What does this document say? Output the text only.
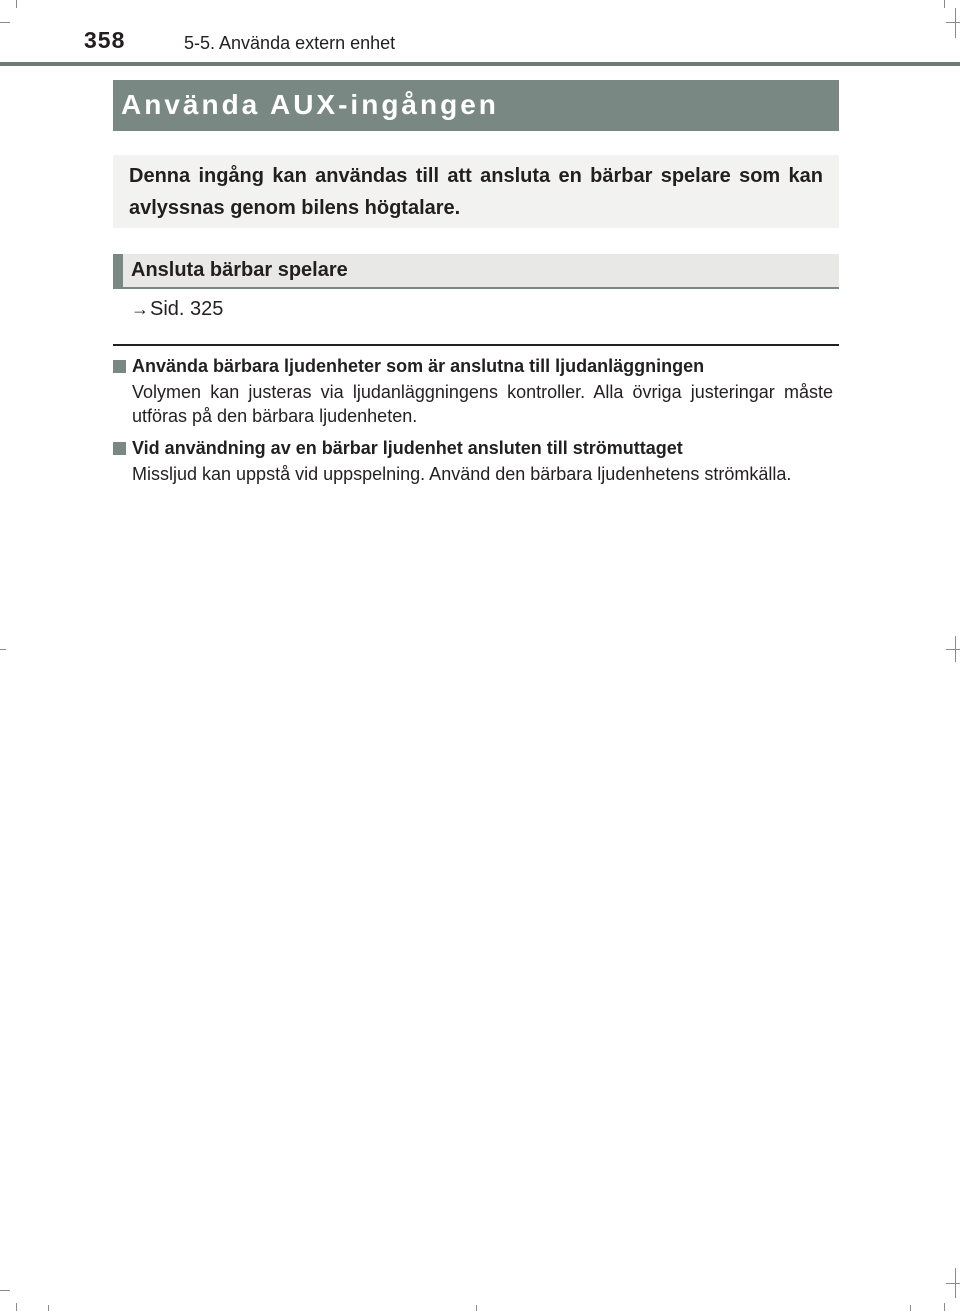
358	5-5. Använda extern enhet
Använda AUX-ingången
Denna ingång kan användas till att ansluta en bärbar spelare som kan avlyssnas genom bilens högtalare.
Ansluta bärbar spelare
→Sid. 325
Använda bärbara ljudenheter som är anslutna till ljudanläggningen
Volymen kan justeras via ljudanläggningens kontroller. Alla övriga justeringar måste utföras på den bärbara ljudenheten.
Vid användning av en bärbar ljudenhet ansluten till strömuttaget
Missljud kan uppstå vid uppspelning. Använd den bärbara ljudenhetens strömkälla.
